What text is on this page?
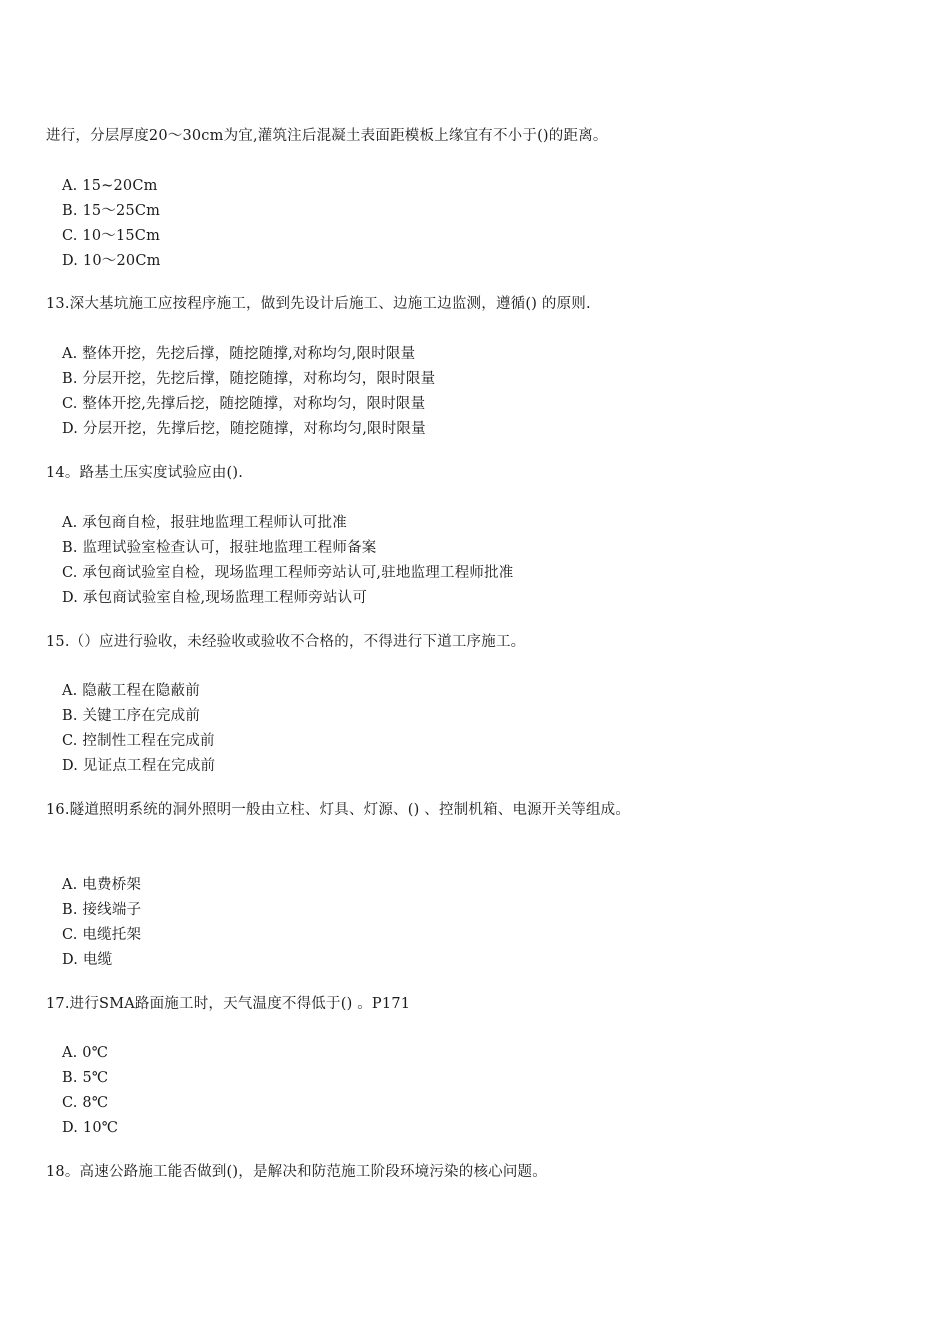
进行，分层厚度20～30cm为宜,灌筑注后混凝土表面距模板上缘宜有不小于()的距离。
A. 15~20Cm
B. 15～25Cm
C. 10～15Cm
D. 10～20Cm
13.深大基坑施工应按程序施工，做到先设计后施工、边施工边监测，遵循() 的原则.
A. 整体开挖，先挖后撑，随挖随撑,对称均匀,限时限量
B. 分层开挖，先挖后撑，随挖随撑，对称均匀，限时限量
C. 整体开挖,先撑后挖，随挖随撑，对称均匀，限时限量
D. 分层开挖，先撑后挖，随挖随撑，对称均匀,限时限量
14。路基土压实度试验应由().
A. 承包商自检，报驻地监理工程师认可批准
B. 监理试验室检查认可，报驻地监理工程师备案
C. 承包商试验室自检，现场监理工程师旁站认可,驻地监理工程师批准
D. 承包商试验室自检,现场监理工程师旁站认可
15.（）应进行验收，未经验收或验收不合格的，不得进行下道工序施工。
A. 隐蔽工程在隐蔽前
B. 关键工序在完成前
C. 控制性工程在完成前
D. 见证点工程在完成前
16.隧道照明系统的洞外照明一般由立柱、灯具、灯源、() 、控制机箱、电源开关等组成。
A. 电费桥架
B. 接线端子
C. 电缆托架
D. 电缆
17.进行SMA路面施工时，天气温度不得低于() 。P171
A. 0℃
B. 5℃
C. 8℃
D. 10℃
18。高速公路施工能否做到()，是解决和防范施工阶段环境污染的核心问题。
